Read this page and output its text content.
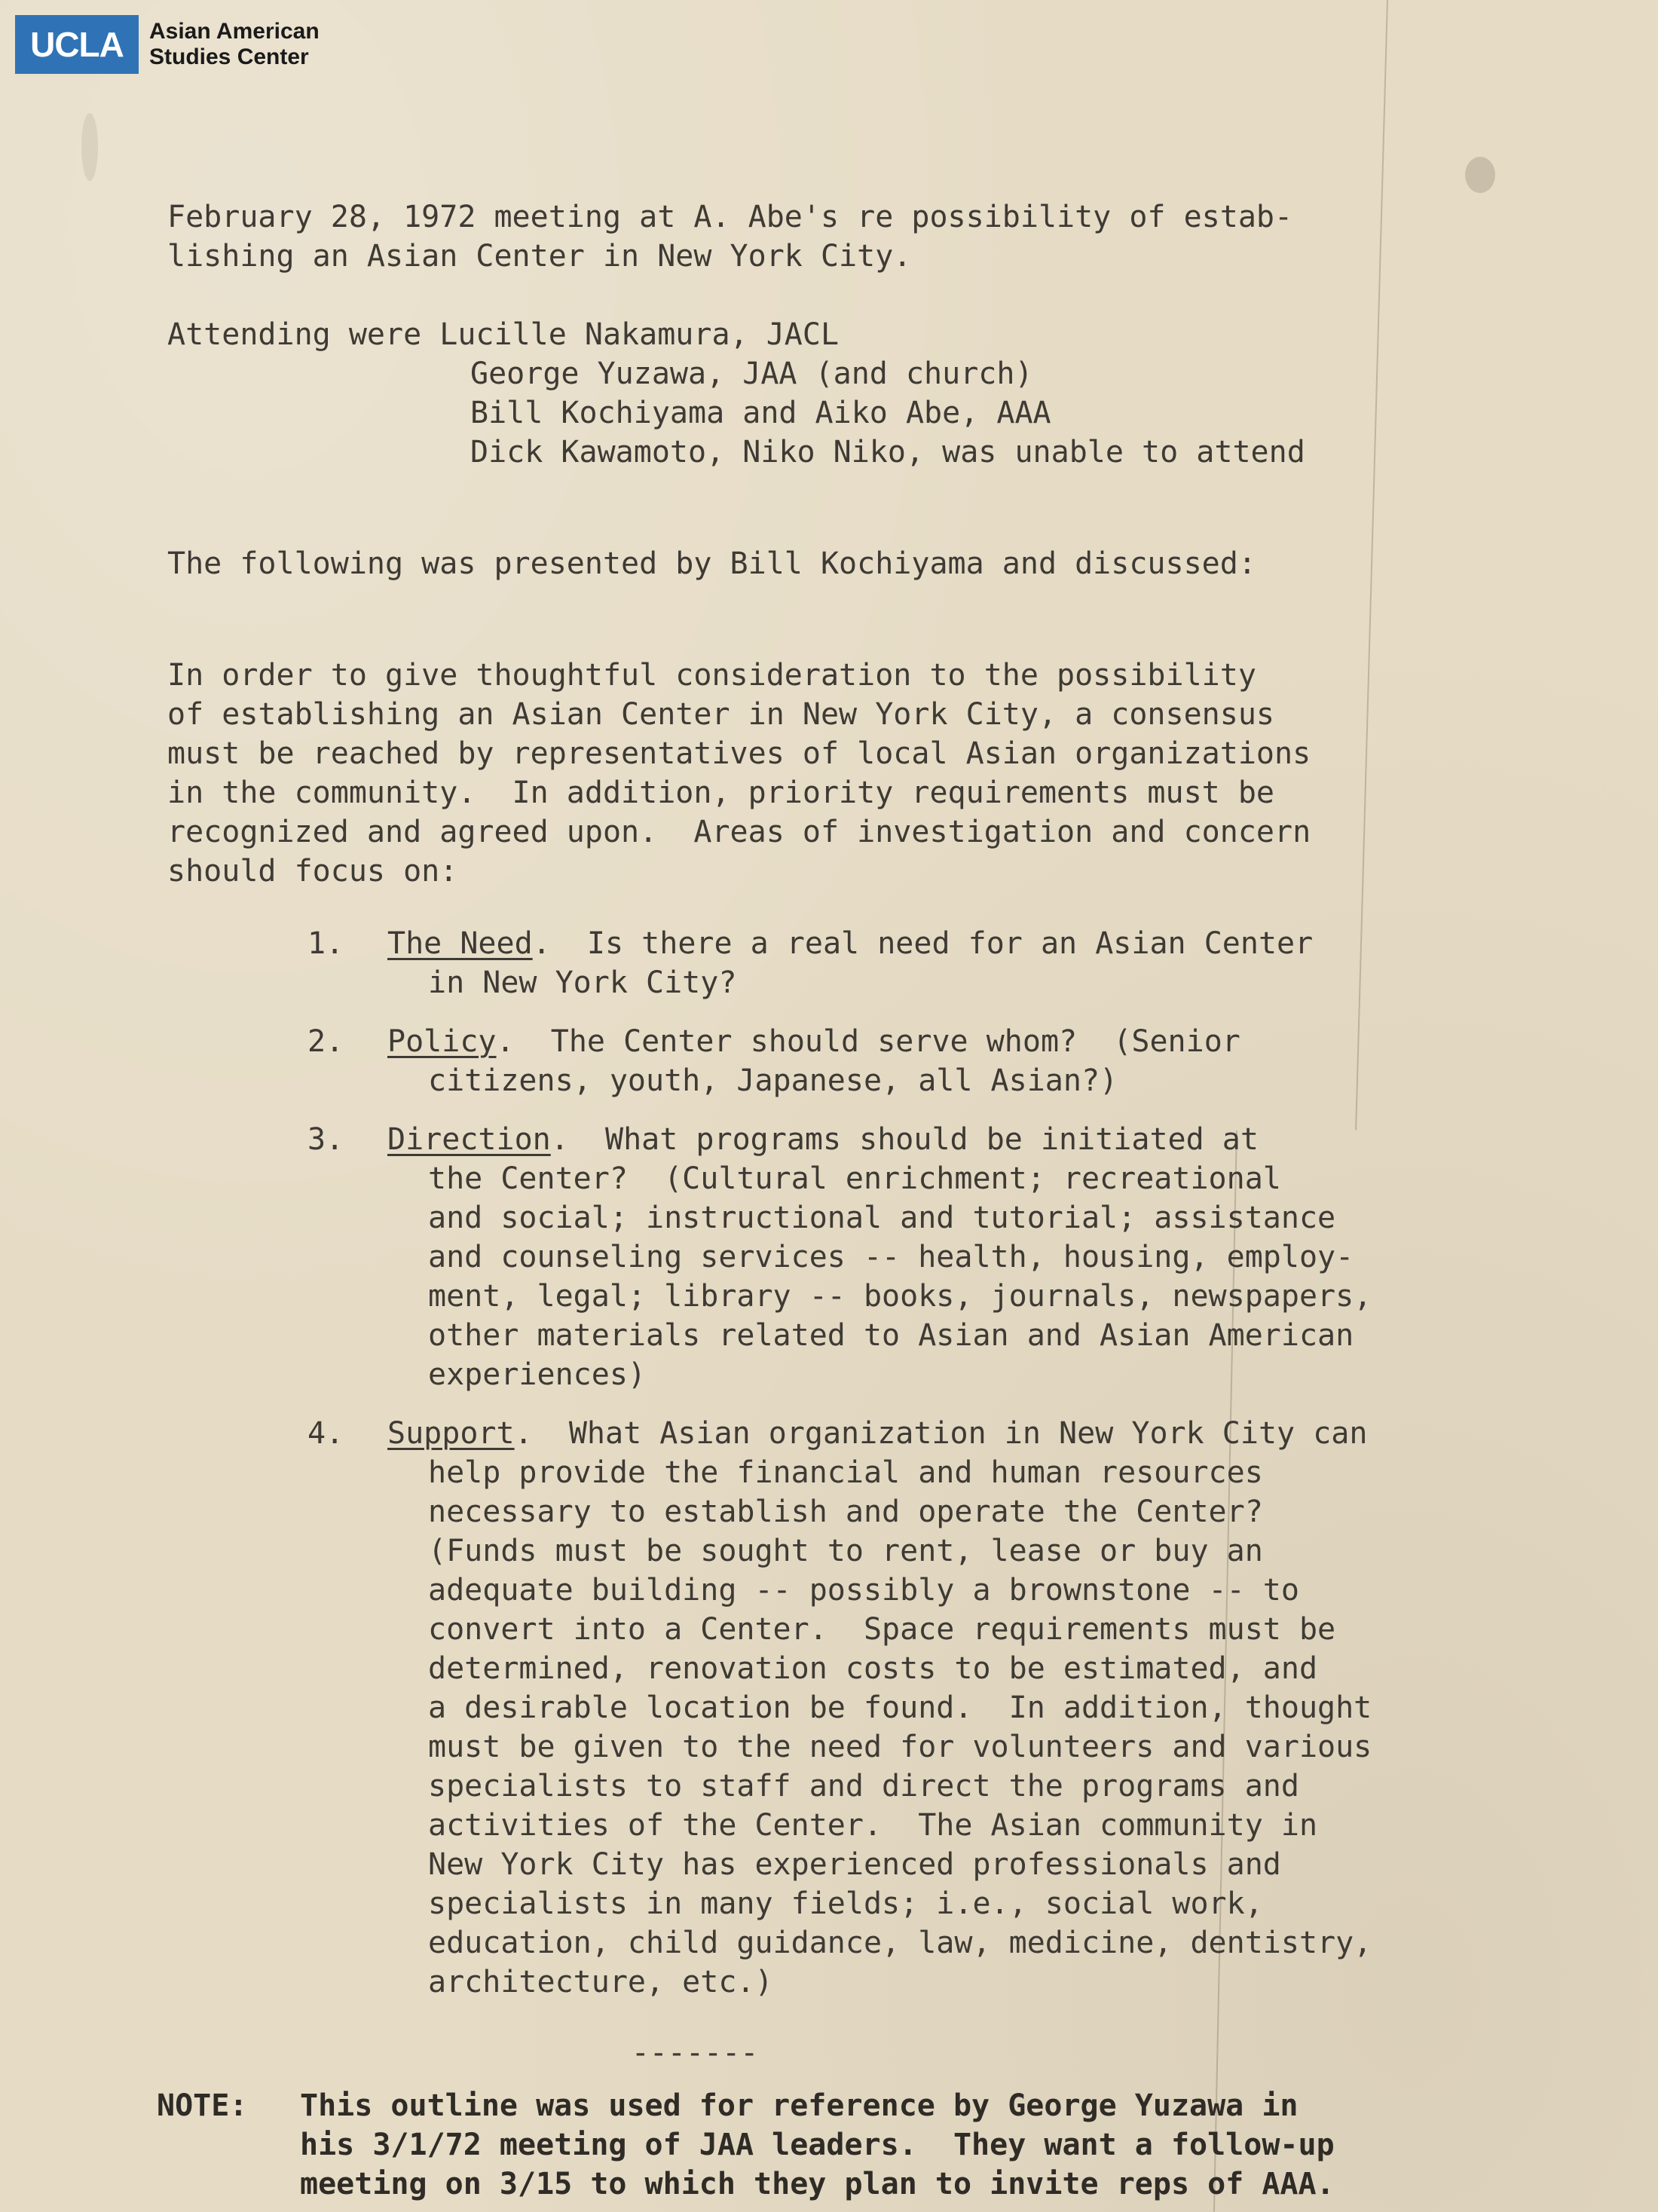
UCLA	Asian American
Studies Center

February 28, 1972 meeting at A. Abe's re possibility of estab-

lishing an Asian Center in New York City.

Attending were Lucille Nakamura, JACL

George Yuzawa, JAA (and church)

Bill Kochiyama and Aiko Abe, AAA

Dick Kawamoto, Niko Niko, was unable to attend

The following was presented by Bill Kochiyama and discussed:

In order to give thoughtful consideration to the possibility

of establishing an Asian Center in New York City, a consensus

must be reached by representatives of local Asian organizations

in the community.  In addition, priority requirements must be

recognized and agreed upon.  Areas of investigation and concern

should focus on:

1. The Need.  Is there a real need for an Asian Center
in New York City?
2. Policy.  The Center should serve whom?  (Senior
citizens, youth, Japanese, all Asian?)
3. Direction.  What programs should be initiated at
the Center?  (Cultural enrichment; recreational
and social; instructional and tutorial; assistance
and counseling services -- health, housing, employ-
ment, legal; library -- books, journals, newspapers,
other materials related to Asian and Asian American
experiences)
4. Support.  What Asian organization in New York City can
help provide the financial and human resources
necessary to establish and operate the Center?
(Funds must be sought to rent, lease or buy an
adequate building -- possibly a brownstone -- to
convert into a Center.  Space requirements must be
determined, renovation costs to be estimated, and
a desirable location be found.  In addition, thought
must be given to the need for volunteers and various
specialists to staff and direct the programs and
activities of the Center.  The Asian community in
New York City has experienced professionals and
specialists in many fields; i.e., social work,
education, child guidance, law, medicine, dentistry,
architecture, etc.)
-------
NOTE: This outline was used for reference by George Yuzawa in
his 3/1/72 meeting of JAA leaders.  They want a follow-up
meeting on 3/15 to which they plan to invite reps of AAA.
